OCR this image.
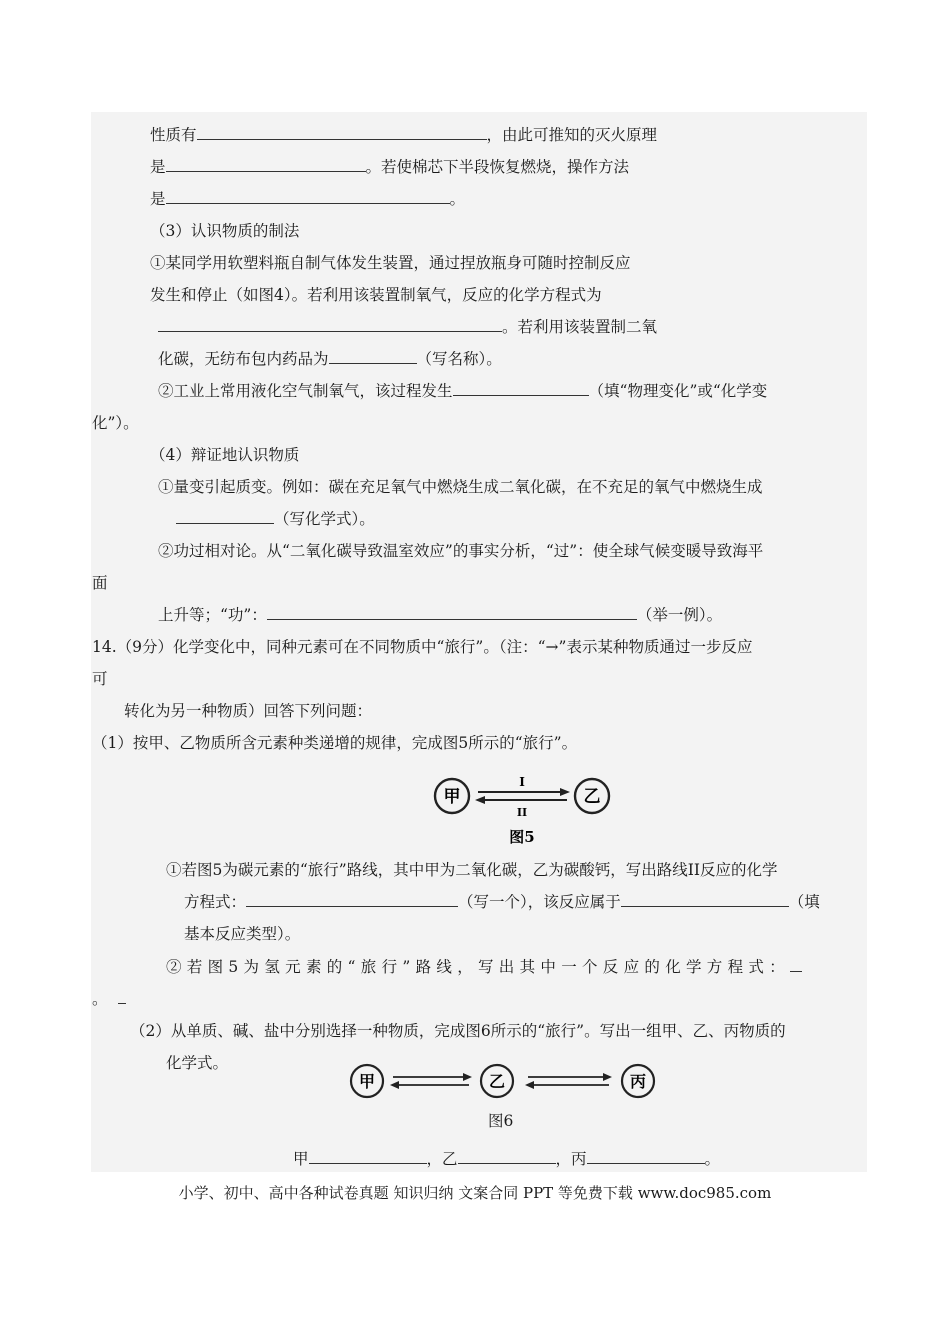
性质有	，由此可推知的灭火原理
是	。若使棉芯下半段恢复燃烧，操作方法
是	。
（3）认识物质的制法
①某同学用软塑料瓶自制气体发生装置，通过捏放瓶身可随时控制反应
发生和停止（如图4）。若利用该装置制氧气，反应的化学方程式为
。若利用该装置制二氧
化碳，无纺布包内药品为	（写名称）。
②工业上常用液化空气制氧气，该过程发生	（填“物理变化”或“化学变
化”）。
（4）辩证地认识物质
①量变引起质变。例如：碳在充足氧气中燃烧生成二氧化碳，在不充足的氧气中燃烧生成
（写化学式）。
②功过相对论。从“二氧化碳导致温室效应”的事实分析，“过”：使全球气候变暖导致海平
面
上升等；“功”：	（举一例）。
14.（9分）化学变化中，同种元素可在不同物质中“旅行”。（注：“→”表示某种物质通过一步反应
可
转化为另一种物质）回答下列问题：
（1）按甲、乙物质所含元素种类递增的规律，完成图5所示的“旅行”。
甲	乙
I
II
图5
①若图5为碳元素的“旅行”路线，其中甲为二氧化碳，乙为碳酸钙，写出路线II反应的化学
方程式：	（写一个），该反应属于	（填
基本反应类型）。
②若图5为氢元素的“旅行”路线，写出其中一个反应的化学方程式：
。
（2）从单质、碱、盐中分别选择一种物质，完成图6所示的“旅行”。写出一组甲、乙、丙物质的
化学式。
甲	乙	丙
图6
甲	，乙	，丙	。
小学、初中、高中各种试卷真题 知识归纳 文案合同 PPT 等免费下载 www.doc985.com
